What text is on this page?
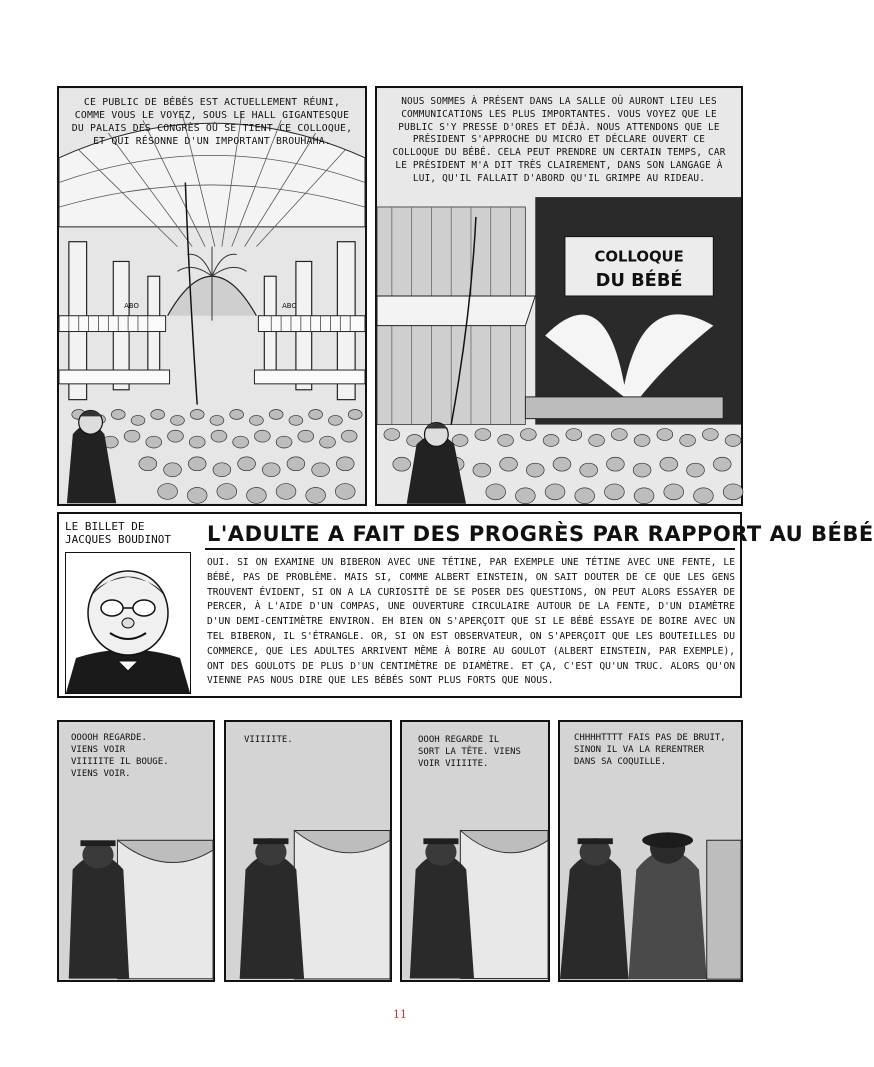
ABO	ABO
CE PUBLIC DE BÉBÉS EST ACTUELLEMENT RÉUNI, COMME VOUS LE VOYEZ, SOUS LE HALL GIGANTESQUE DU PALAIS DES CONGRÈS OÙ SE TIENT CE COLLOQUE, ET QUI RÉSONNE D'UN IMPORTANT BROUHAHA.
COLLOQUE
DU BÉBÉ
NOUS SOMMES À PRÉSENT DANS LA SALLE OÙ AURONT LIEU LES COMMUNICATIONS LES PLUS IMPORTANTES. VOUS VOYEZ QUE LE PUBLIC S'Y PRESSE D'ORES ET DÉJÀ. NOUS ATTENDONS QUE LE PRÉSIDENT S'APPROCHE DU MICRO ET DÉCLARE OUVERT CE COLLOQUE DU BÉBÉ. CELA PEUT PRENDRE UN CERTAIN TEMPS, CAR LE PRÉSIDENT M'A DIT TRÈS CLAIREMENT, DANS SON LANGAGE À LUI, QU'IL FALLAIT D'ABORD QU'IL GRIMPE AU RIDEAU.
LE BILLET DE JACQUES BOUDINOT	L'ADULTE A FAIT DES PROGRÈS PAR RAPPORT AU BÉBÉ
OUI. SI ON EXAMINE UN BIBERON AVEC UNE TÉTINE, PAR EXEMPLE UNE TÉTINE AVEC UNE FENTE, LE BÉBÉ, PAS DE PROBLÈME. MAIS SI, COMME ALBERT EINSTEIN, ON SAIT DOUTER DE CE QUE LES GENS TROUVENT ÉVIDENT, SI ON A LA CURIOSITÉ DE SE POSER DES QUESTIONS, ON PEUT ALORS ESSAYER DE PERCER, À L'AIDE D'UN COMPAS, UNE OUVERTURE CIRCULAIRE AUTOUR DE LA FENTE, D'UN DIAMÈTRE D'UN DEMI-CENTIMÈTRE ENVIRON. EH BIEN ON S'APERÇOIT QUE SI LE BÉBÉ ESSAYE DE BOIRE AVEC UN TEL BIBERON, IL S'ÉTRANGLE. OR, SI ON EST OBSERVATEUR, ON S'APERÇOIT QUE LES BOUTEILLES DU COMMERCE, QUE LES ADULTES ARRIVENT MÊME À BOIRE AU GOULOT (ALBERT EINSTEIN, PAR EXEMPLE), ONT DES GOULOTS DE PLUS D'UN CENTIMÈTRE DE DIAMÈTRE. ET ÇA, C'EST QU'UN TRUC. ALORS QU'ON VIENNE PAS NOUS DIRE QUE LES BÉBÉS SONT PLUS FORTS QUE NOUS.
OOOOH REGARDE. VIENS VOIR VIIIIITE IL BOUGE. VIENS VOIR.
VIIIIITE.	OOOH REGARDE IL SORT LA TÊTE. VIENS VOIR VIIIITE.
CHHHHTTTT FAIS PAS DE BRUIT, SINON IL VA LA RERENTRER DANS SA COQUILLE.
11
